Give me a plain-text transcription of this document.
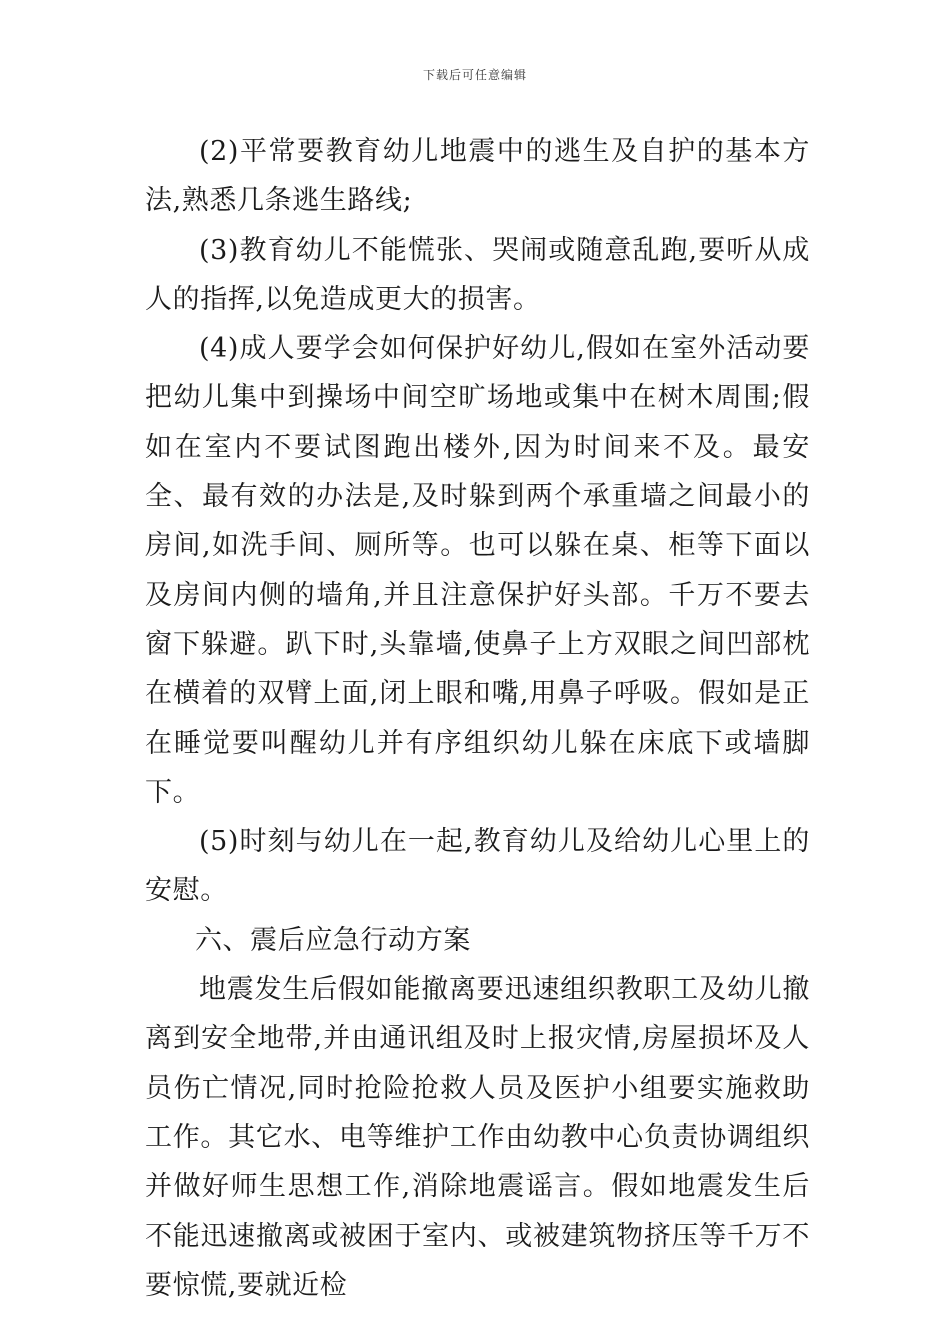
下载后可任意编辑

(2)平常要教育幼儿地震中的逃生及自护的基本方法,熟悉几条逃生路线;

(3)教育幼儿不能慌张、哭闹或随意乱跑,要听从成人的指挥,以免造成更大的损害。

(4)成人要学会如何保护好幼儿,假如在室外活动要把幼儿集中到操场中间空旷场地或集中在树木周围;假如在室内不要试图跑出楼外,因为时间来不及。最安全、最有效的办法是,及时躲到两个承重墙之间最小的房间,如洗手间、厕所等。也可以躲在桌、柜等下面以及房间内侧的墙角,并且注意保护好头部。千万不要去窗下躲避。趴下时,头靠墙,使鼻子上方双眼之间凹部枕在横着的双臂上面,闭上眼和嘴,用鼻子呼吸。假如是正在睡觉要叫醒幼儿并有序组织幼儿躲在床底下或墙脚下。

(5)时刻与幼儿在一起,教育幼儿及给幼儿心里上的安慰。

六、震后应急行动方案

地震发生后假如能撤离要迅速组织教职工及幼儿撤离到安全地带,并由通讯组及时上报灾情,房屋损坏及人员伤亡情况,同时抢险抢救人员及医护小组要实施救助工作。其它水、电等维护工作由幼教中心负责协调组织并做好师生思想工作,消除地震谣言。假如地震发生后不能迅速撤离或被困于室内、或被建筑物挤压等千万不要惊慌,要就近检
